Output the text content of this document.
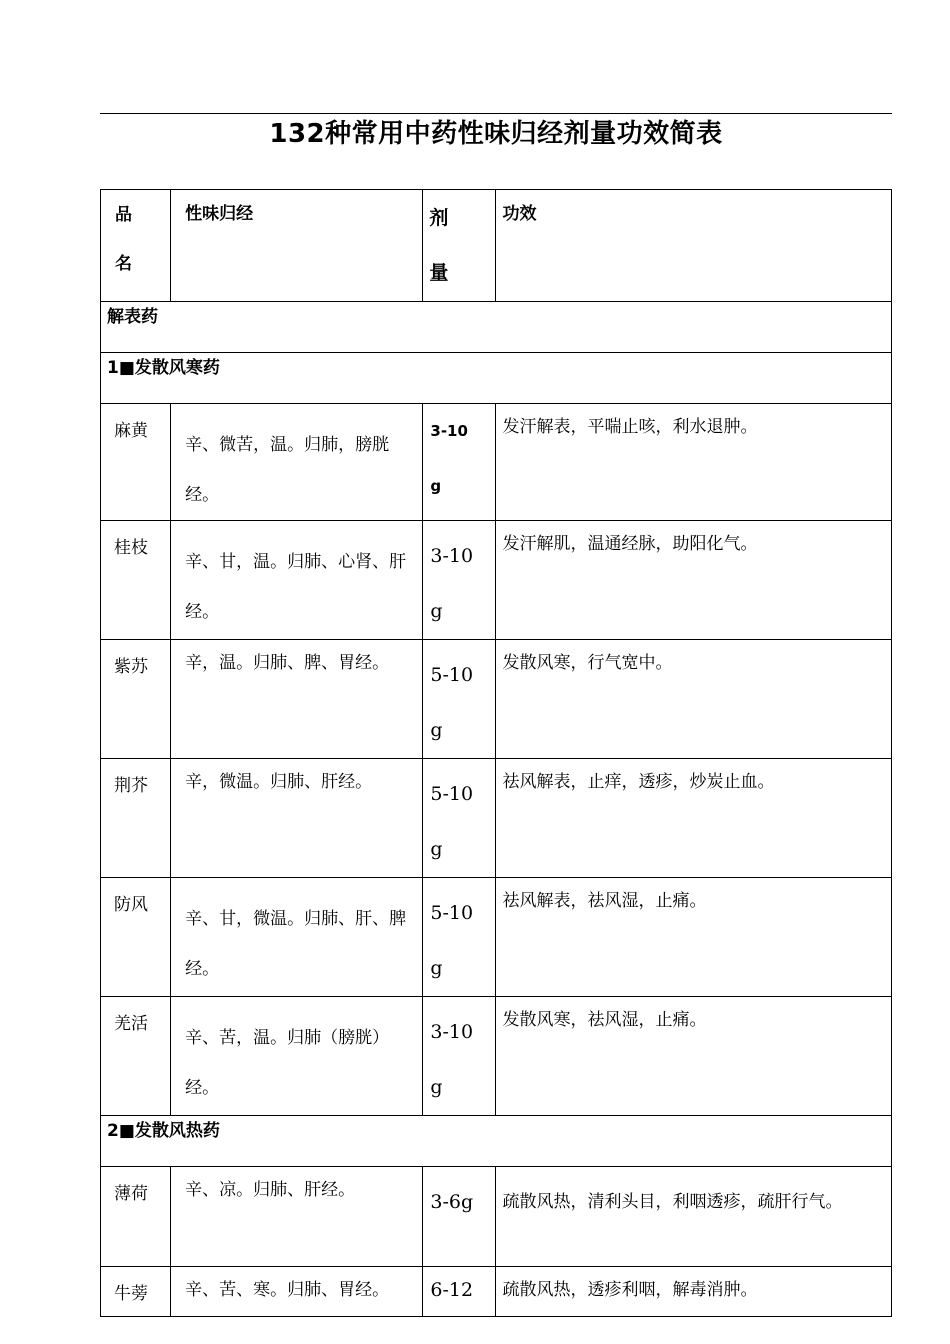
132种常用中药性味归经剂量功效简表
品
名	性味归经	剂
量	功效

解表药			

1■发散风寒药			

麻黄	辛、微苦，温。归肺，膀胱经。	3-10
g	发汗解表，平喘止咳，利水退肿。

桂枝	辛、甘，温。归肺、心肾、肝经。	3-10
g	发汗解肌，温通经脉，助阳化气。

紫苏	辛，温。归肺、脾、胃经。	5-10
g	发散风寒，行气宽中。

荆芥	辛，微温。归肺、肝经。	5-10
g	祛风解表，止痒，透疹，炒炭止血。

防风	辛、甘，微温。归肺、肝、脾经。	5-10
g	祛风解表，祛风湿，止痛。

羌活	辛、苦，温。归肺（膀胱）经。	3-10
g	发散风寒，祛风湿，止痛。

2■发散风热药			

薄荷	辛、凉。归肺、肝经。	3-6g	疏散风热，清利头目，利咽透疹，疏肝行气。

牛蒡	辛、苦、寒。归肺、胃经。	6-12	疏散风热，透疹利咽，解毒消肿。
